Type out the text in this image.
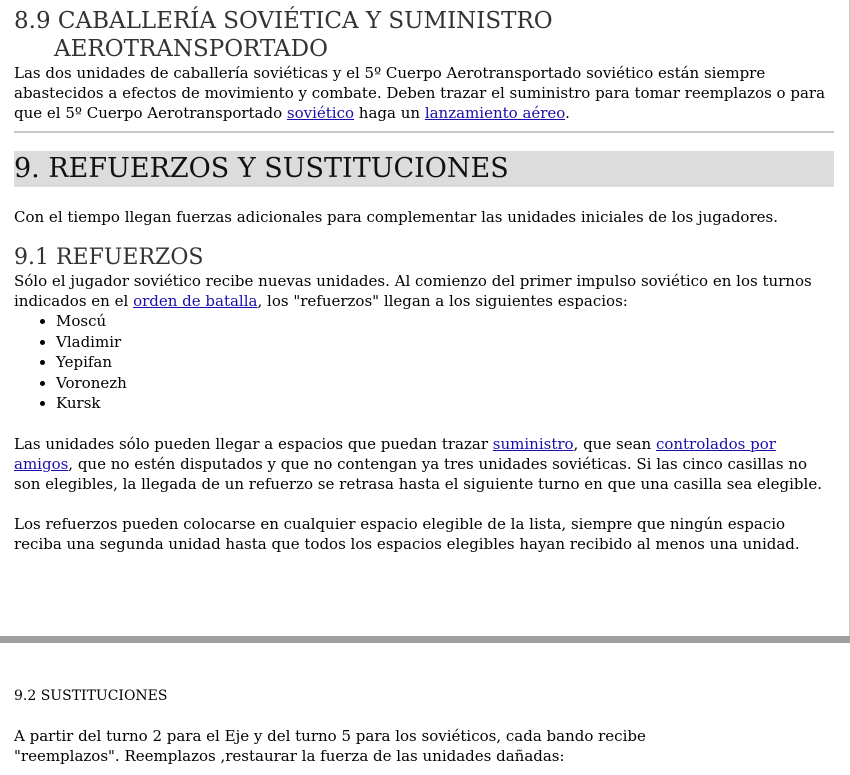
8.9 CABALLERÍA SOVIÉTICA Y SUMINISTRO
AEROTRANSPORTADO

Las dos unidades de caballería soviéticas y el 5º Cuerpo Aerotransportado soviético están siempre abastecidos a efectos de movimiento y combate. Deben trazar el suministro para tomar reemplazos o para que el 5º Cuerpo Aerotransportado soviético haga un lanzamiento aéreo.

9. REFUERZOS Y SUSTITUCIONES

Con el tiempo llegan fuerzas adicionales para complementar las unidades iniciales de los jugadores.

9.1 REFUERZOS

Sólo el jugador soviético recibe nuevas unidades. Al comienzo del primer impulso soviético en los turnos indicados en el orden de batalla, los "refuerzos" llegan a los siguientes espacios:

• Moscú
• Vladimir
• Yepifan
• Voronezh
• Kursk

Las unidades sólo pueden llegar a espacios que puedan trazar suministro, que sean controlados por amigos, que no estén disputados y que no contengan ya tres unidades soviéticas. Si las cinco casillas no son elegibles, la llegada de un refuerzo se retrasa hasta el siguiente turno en que una casilla sea elegible.

Los refuerzos pueden colocarse en cualquier espacio elegible de la lista, siempre que ningún espacio reciba una segunda unidad hasta que todos los espacios elegibles hayan recibido al menos una unidad.

9.2 SUSTITUCIONES

A partir del turno 2 para el Eje y del turno 5 para los soviéticos, cada bando recibe
"reemplazos". Reemplazos ,restaurar la fuerza de las unidades dañadas:
